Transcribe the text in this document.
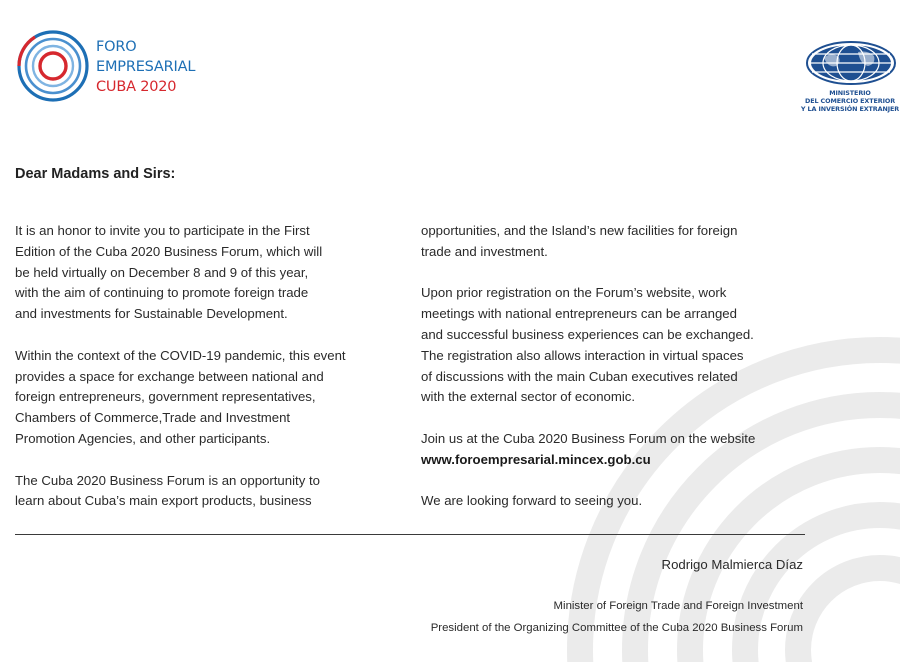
FORO
EMPRESARIAL
CUBA 2020	MINISTERIO
DEL COMERCIO EXTERIOR
Y LA INVERSIÓN EXTRANJER
Dear Madams and Sirs:

It is an honor to invite you to participate in the First
Edition of the Cuba 2020 Business Forum, which will
be held virtually on December 8 and 9 of this year,
with the aim of continuing to promote foreign trade
and investments for Sustainable Development.

Within the context of the COVID-19 pandemic, this event
provides a space for exchange between national and
foreign entrepreneurs, government representatives,
Chambers of Commerce,Trade and Investment
Promotion Agencies, and other participants.

The Cuba 2020 Business Forum is an opportunity to
learn about Cuba’s main export products, business

opportunities, and the Island’s new facilities for foreign
trade and investment.

Upon prior registration on the Forum’s website, work
meetings with national entrepreneurs can be arranged
and successful business experiences can be exchanged.
The registration also allows interaction in virtual spaces
of discussions with the main Cuban executives related
with the external sector of economic.

Join us at the Cuba 2020 Business Forum on the website
www.foroempresarial.mincex.gob.cu

We are looking forward to seeing you.

Rodrigo Malmierca Díaz
Minister of Foreign Trade and Foreign Investment
President of the Organizing Committee of the Cuba 2020 Business Forum
